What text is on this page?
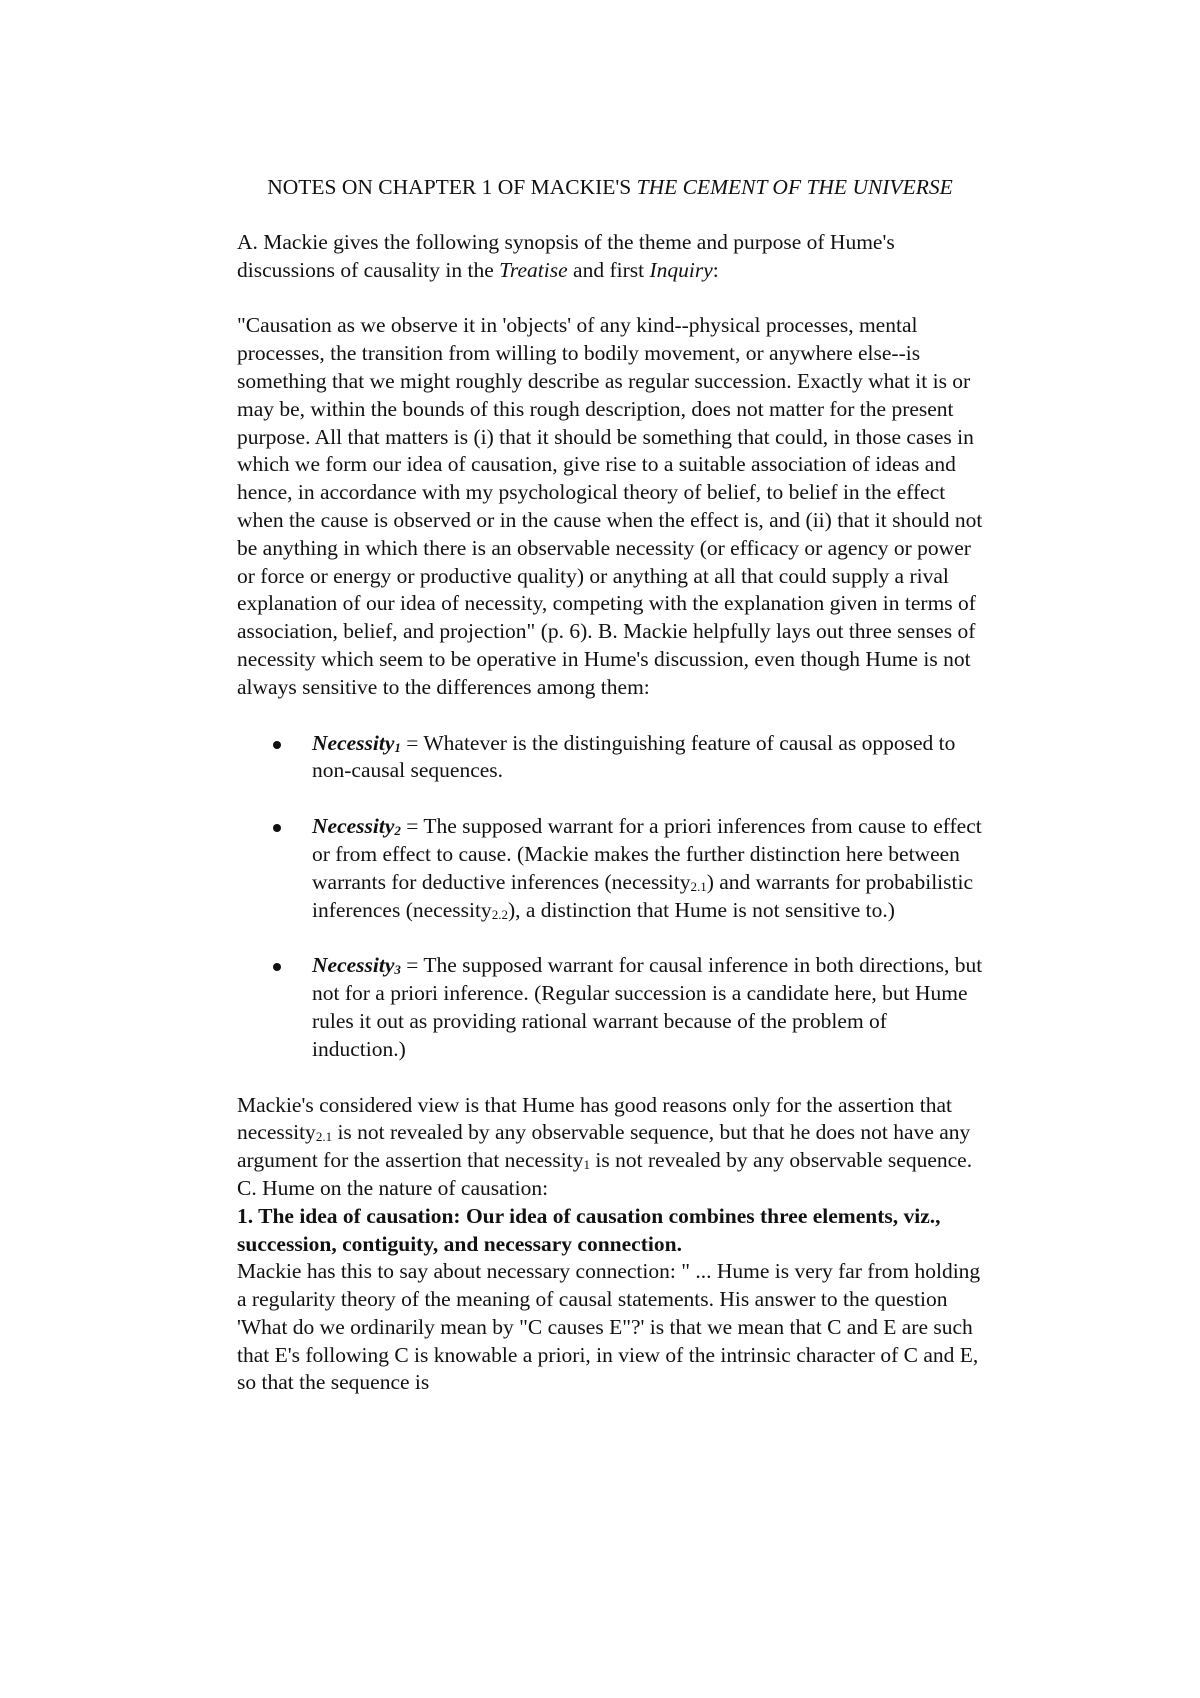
NOTES ON CHAPTER 1 OF MACKIE'S THE CEMENT OF THE UNIVERSE

A. Mackie gives the following synopsis of the theme and purpose of Hume's discussions of causality in the Treatise and first Inquiry:

"Causation as we observe it in 'objects' of any kind--physical processes, mental processes, the transition from willing to bodily movement, or anywhere else--is something that we might roughly describe as regular succession. Exactly what it is or may be, within the bounds of this rough description, does not matter for the present purpose. All that matters is (i) that it should be something that could, in those cases in which we form our idea of causation, give rise to a suitable association of ideas and hence, in accordance with my psychological theory of belief, to belief in the effect when the cause is observed or in the cause when the effect is, and (ii) that it should not be anything in which there is an observable necessity (or efficacy or agency or power or force or energy or productive quality) or anything at all that could supply a rival explanation of our idea of necessity, competing with the explanation given in terms of association, belief, and projection" (p. 6). B. Mackie helpfully lays out three senses of necessity which seem to be operative in Hume's discussion, even though Hume is not always sensitive to the differences among them:

Necessity1 = Whatever is the distinguishing feature of causal as opposed to non-causal sequences.
Necessity2 = The supposed warrant for a priori inferences from cause to effect or from effect to cause. (Mackie makes the further distinction here between warrants for deductive inferences (necessity2.1) and warrants for probabilistic inferences (necessity2.2), a distinction that Hume is not sensitive to.)
Necessity3 = The supposed warrant for causal inference in both directions, but not for a priori inference. (Regular succession is a candidate here, but Hume rules it out as providing rational warrant because of the problem of induction.)

Mackie's considered view is that Hume has good reasons only for the assertion that necessity2.1 is not revealed by any observable sequence, but that he does not have any argument for the assertion that necessity1 is not revealed by any observable sequence.

C. Hume on the nature of causation:

1. The idea of causation: Our idea of causation combines three elements, viz., succession, contiguity, and necessary connection.

Mackie has this to say about necessary connection: " ... Hume is very far from holding a regularity theory of the meaning of causal statements. His answer to the question 'What do we ordinarily mean by "C causes E"?' is that we mean that C and E are such that E's following C is knowable a priori, in view of the intrinsic character of C and E, so that the sequence is
